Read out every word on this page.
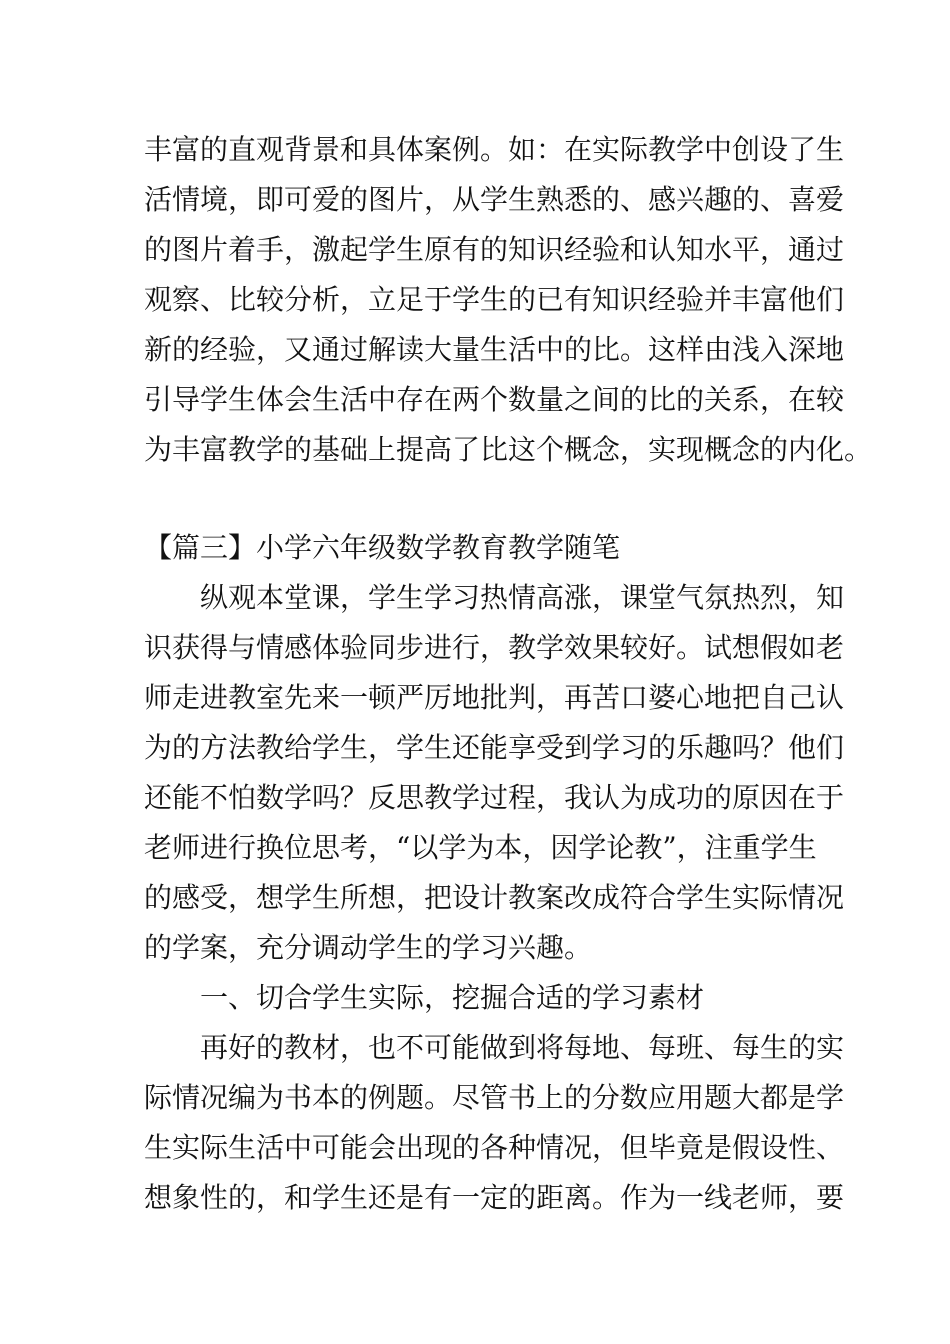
丰富的直观背景和具体案例。如：在实际教学中创设了生
活情境，即可爱的图片，从学生熟悉的、感兴趣的、喜爱
的图片着手，激起学生原有的知识经验和认知水平，通过
观察、比较分析，立足于学生的已有知识经验并丰富他们
新的经验，又通过解读大量生活中的比。这样由浅入深地
引导学生体会生活中存在两个数量之间的比的关系，在较
为丰富教学的基础上提高了比这个概念，实现概念的内化。
【篇三】小学六年级数学教育教学随笔
纵观本堂课，学生学习热情高涨，课堂气氛热烈，知
识获得与情感体验同步进行，教学效果较好。试想假如老
师走进教室先来一顿严厉地批判，再苦口婆心地把自己认
为的方法教给学生，学生还能享受到学习的乐趣吗？他们
还能不怕数学吗？反思教学过程，我认为成功的原因在于
老师进行换位思考，“以学为本，因学论教”，注重学生
的感受，想学生所想，把设计教案改成符合学生实际情况
的学案，充分调动学生的学习兴趣。
一、切合学生实际，挖掘合适的学习素材
再好的教材，也不可能做到将每地、每班、每生的实
际情况编为书本的例题。尽管书上的分数应用题大都是学
生实际生活中可能会出现的各种情况，但毕竟是假设性、
想象性的，和学生还是有一定的距离。作为一线老师，要
